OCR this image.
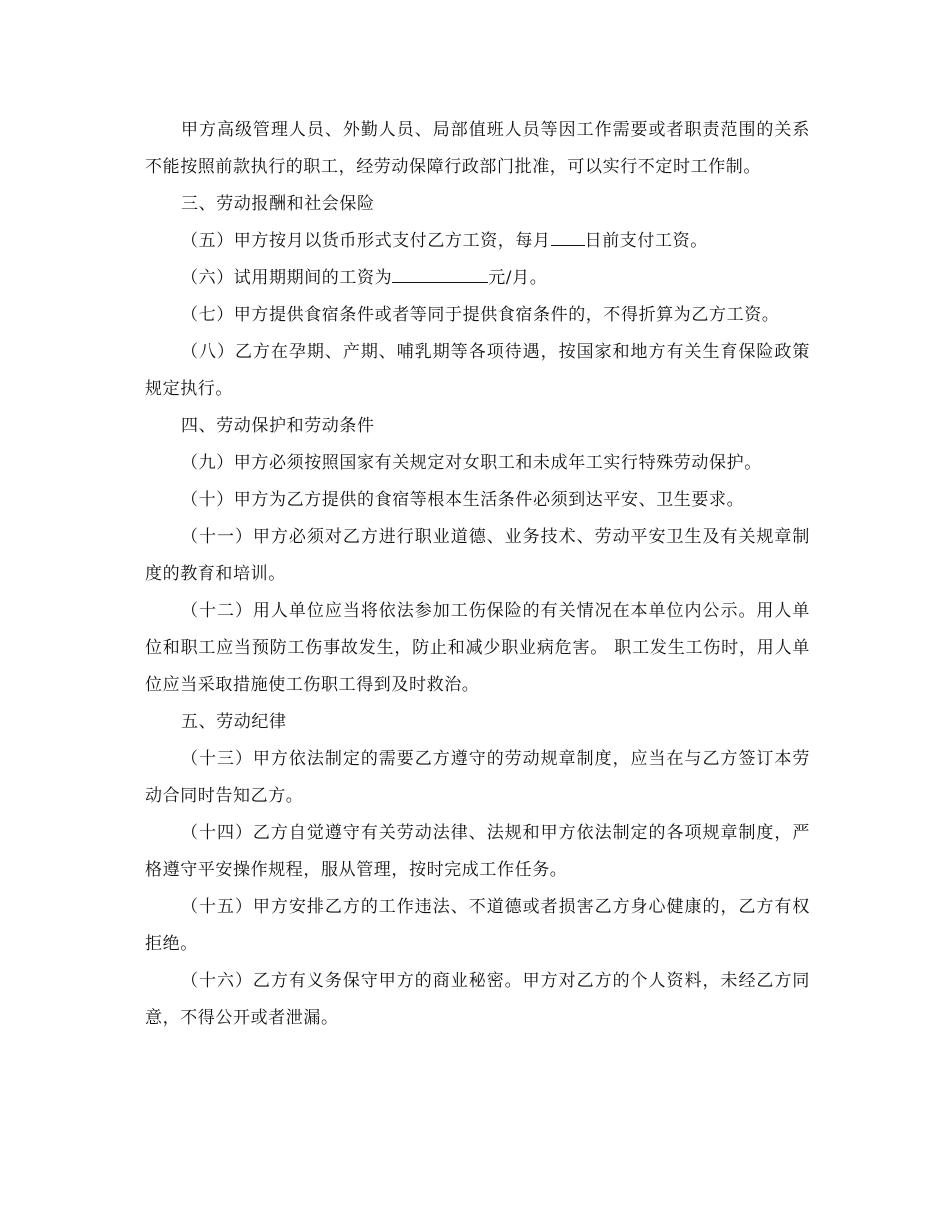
甲方高级管理人员、外勤人员、局部值班人员等因工作需要或者职责范围的关系不能按照前款执行的职工，经劳动保障行政部门批准，可以实行不定时工作制。

三、劳动报酬和社会保险

（五）甲方按月以货币形式支付乙方工资，每月 日前支付工资。

（六）试用期期间的工资为	元/月。

（七）甲方提供食宿条件或者等同于提供食宿条件的，不得折算为乙方工资。

（八）乙方在孕期、产期、哺乳期等各项待遇，按国家和地方有关生育保险政策规定执行。

四、劳动保护和劳动条件

（九）甲方必须按照国家有关规定对女职工和未成年工实行特殊劳动保护。

（十）甲方为乙方提供的食宿等根本生活条件必须到达平安、卫生要求。

（十一）甲方必须对乙方进行职业道德、业务技术、劳动平安卫生及有关规章制度的教育和培训。

（十二）用人单位应当将依法参加工伤保险的有关情况在本单位内公示。用人单位和职工应当预防工伤事故发生，防止和减少职业病危害。 职工发生工伤时，用人单位应当采取措施使工伤职工得到及时救治。

五、劳动纪律

（十三）甲方依法制定的需要乙方遵守的劳动规章制度，应当在与乙方签订本劳动合同时告知乙方。

（十四）乙方自觉遵守有关劳动法律、法规和甲方依法制定的各项规章制度，严格遵守平安操作规程，服从管理，按时完成工作任务。

（十五）甲方安排乙方的工作违法、不道德或者损害乙方身心健康的，乙方有权拒绝。

（十六）乙方有义务保守甲方的商业秘密。甲方对乙方的个人资料，未经乙方同意，不得公开或者泄漏。
